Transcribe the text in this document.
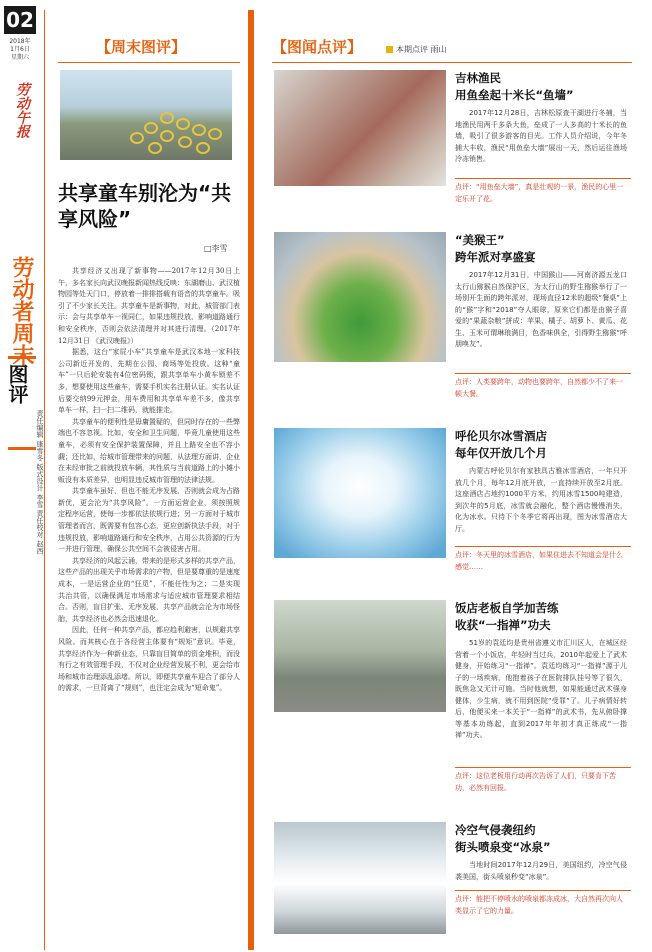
02
2018年
1月6日
星期六
劳动午报
劳动者周末
图评
责任编辑 康雪冬 版式设计 李雪 责任校对 赵西
【周末图评】
共享童车别沦为“共享风险”
□李雪

共享经济又出现了新事物——2017年12月30日上午，多名家长向武汉晚报新闻热线反映：东湖磨山、武汉植物园等处天门口，停放着一排排搭载有语音的共享童车。吸引了不少家长关注。共享童车是新事物，对此，城管部门表示：会与共享单车一视同仁，如果违规投放，影响道路通行和安全秩序，否则会依法清理并对其进行清理。（2017年12月31日 《武汉晚报》）

据悉，这台“家屁小车”共享童车是武汉本地一家科技公司新近开发的，先期在公园、商场等处投放。这种“童车”一只后轮安装有4位密码锁，跟共享单车小黄车锁差不多，想要使用这些童车，需要手机实名注册认证。实名认证后要交纳99元押金，用车费用和共享单车差不多，像共享单车一样，扫一扫二维码，就能推走。

共享童车的便利性是毋庸置疑的，但同时存在的一些弊端也不容忽视。比如，安全和卫生问题，毕竟儿童使用这些童车，必须有安全保护装置保障，并且上路安全也不容小觑；还比如，给城市管理带来的问题，从法理方面讲，企业在未经审批之前就投放车辆，其性质与当前道路上的小摊小贩没有本质差异，也明显违反城市管理的法律法规。

共享童车虽好，但也不能无序发展，否则就会成为占路新优，更会沦为“共享风险”。一方面运营企业，须按照规定程序运营，使每一步都依法依规行进；另一方面对于城市管理者而言，既需要有包容心态，更应创新执法手段，对于违规投放，影响道路通行和安全秩序，占用公共资源的行为一并进行管理，确保公共空间不会被侵害占用。

共享经济的风起云涌，带来的是形式多样的共享产品，这些产品的出现关乎市场需求的产物，但是要尊重的是速度成本，一是运营企业的“狂觅”，不能任性为之；二是实现共治共管，以确保满足市场需求与适应城市管理要求相结合。否则，盲目扩张、无序发展，共享产品就会沦为市场怪胎，共享经济也必然会迅速退化。

因此，任何一种共享产品，都应趋利避害，以规避共享风险。而其核心在于各经营主体要有“规矩”意识。毕竟，共享经济作为一种新业态，只靠盲目简单的资金堆积，而没有行之有效管理手段，不仅对企业经营发展不利，更会给市场和城市治理添乱添堵。所以，即便共享童车迎合了部分人的需求，一旦背离了“规则”，也注定会成为“短命鬼”。

【图闻点评】	本期点评 雨山
吉林渔民
用鱼垒起十米长“鱼墙”

2017年12月28日，吉林松原查干湖进行冬捕，当地渔民用两千多条大鱼，垒成了一人多高的十米长的鱼墙，吸引了很多游客的目光。工作人员介绍说，今年冬捕大丰收，渔民“用鱼垒大墙”展出一天，然后运往渔场冷冻销售。

点评：“用鱼垒大墙”，真是壮观的一景，渔民的心里一定乐开了花。
“美猴王”
跨年派对享盛宴

2017年12月31日，中国猴山——河南济源五龙口太行山猕猴自然保护区，为太行山的野生猕猴举行了一场别开生面的跨年派对，现场直径12米的超级“餐桌”上的“猴”字和“2018”夺人眼球，原来它们都是由猴子喜爱的“果蔬杂粮”拼成：苹果、橘子、胡萝卜、黄瓜、花生、玉米可谓琳琅满目，色香味俱全，引得野生猕猴“呼朋唤友”。

点评：人类要跨年，动物也要跨年，自然都少不了来一顿大餐。
呼伦贝尔冰雪酒店
每年仅开放几个月

内蒙古呼伦贝尔有家独具古雅冰雪酒店，一年只开放几个月，每年12月底开放，一直持续开放至2月底。这座酒店占地约1000平方米，约用冰雪1500吨建造，到次年的5月底，冰雪就会融化，整个酒店慢慢消失，化为冰水。只待下个冬季它将再出现，图为冰雪酒店大厅。

点评：冬天里的冰雪酒店，如果住进去不知道会是什么感觉……
饭店老板自学加苦练
收获“一指禅”功夫

51岁的袁廷均是贵州省遵义市汇川区人，在城区经营着一个小饭店，年轻时当过兵，2010年起爱上了武术健身，开始练习“一指禅”。袁廷均练习“一指禅”源于儿子的一场疾病，他抱着孩子在医院排队挂号等了很久，既焦急又无计可施。当时他就想，如果能通过武术强身健体，少生病，就不用到医院“受罪”了。儿子病情好转后，他便买来一本关于“一指禅”的武术书，先从俯卧撑等基本功练起，直到2017年年初才真正练成“一指禅”功夫。

点评：这位老板用行动再次告诉了人们，只要肯下苦功，必然有回报。
冷空气侵袭纽约
街头喷泉变“冰泉”

当地时间2017年12月29日，美国纽约，冷空气侵袭美国，街头喷泉秒变“冰泉”。

点评：能把不停喷水的喷泉都冻成冰，大自然再次向人类显示了它的力量。
